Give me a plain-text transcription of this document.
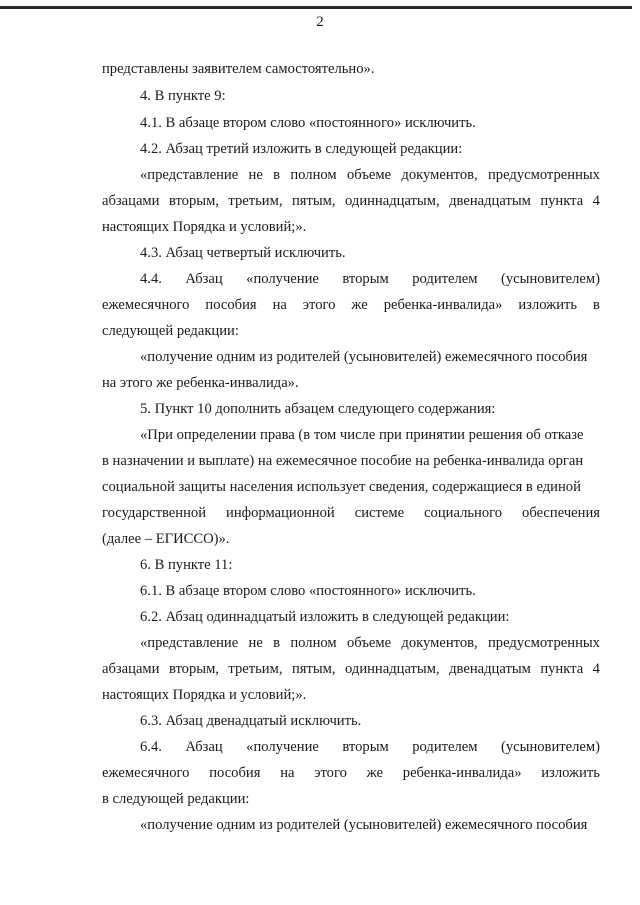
2
представлены заявителем самостоятельно».
4. В пункте 9:
4.1. В абзаце втором слово «постоянного» исключить.
4.2. Абзац третий изложить в следующей редакции:
«представление не в полном объеме документов, предусмотренных
абзацами вторым, третьим, пятым, одиннадцатым, двенадцатым пункта 4
настоящих Порядка и условий;».
4.3. Абзац четвертый исключить.
4.4. Абзац «получение вторым родителем (усыновителем)
ежемесячного пособия на этого же ребенка-инвалида» изложить в
следующей редакции:
«получение одним из родителей (усыновителей) ежемесячного пособия
на этого же ребенка-инвалида».
5. Пункт 10 дополнить абзацем следующего содержания:
«При определении права (в том числе при принятии решения об отказе
в назначении и выплате) на ежемесячное пособие на ребенка-инвалида орган
социальной защиты населения использует сведения, содержащиеся в единой
государственной информационной системе социального обеспечения
(далее – ЕГИССО)».
6. В пункте 11:
6.1. В абзаце втором слово «постоянного» исключить.
6.2. Абзац одиннадцатый изложить в следующей редакции:
«представление не в полном объеме документов, предусмотренных
абзацами вторым, третьим, пятым, одиннадцатым, двенадцатым пункта 4
настоящих Порядка и условий;».
6.3. Абзац двенадцатый исключить.
6.4. Абзац «получение вторым родителем (усыновителем)
ежемесячного пособия на этого же ребенка-инвалида» изложить
в следующей редакции:
«получение одним из родителей (усыновителей) ежемесячного пособия
